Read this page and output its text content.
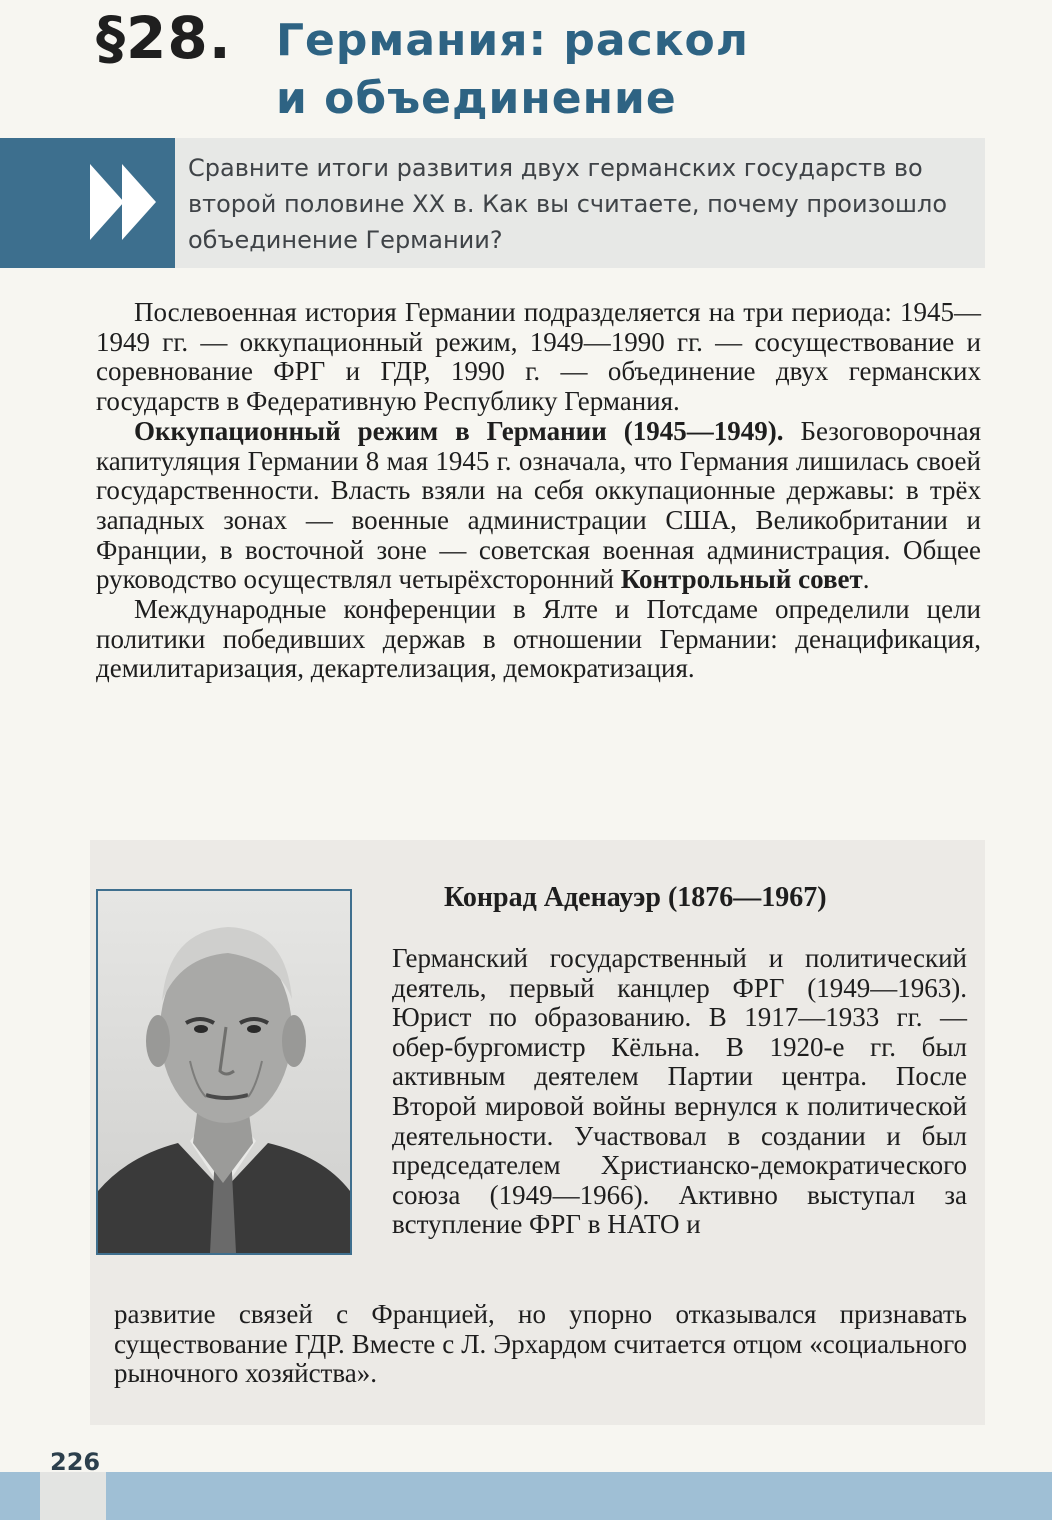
§28. Германия: раскол
и объединение
Сравните итоги развития двух германских государств во второй половине XX в. Как вы считаете, почему произошло объединение Германии?

Послевоенная история Германии подразделяется на три периода: 1945—1949 гг. — оккупационный режим, 1949—1990 гг. — сосуществование и соревнование ФРГ и ГДР, 1990 г. — объединение двух германских государств в Федеративную Республику Германия.

Оккупационный режим в Германии (1945—1949). Безоговорочная капитуляция Германии 8 мая 1945 г. означала, что Германия лишилась своей государственности. Власть взяли на себя оккупационные державы: в трёх западных зонах — военные администрации США, Великобритании и Франции, в восточной зоне — советская военная администрация. Общее руководство осуществлял четырёхсторонний Контрольный совет.

Международные конференции в Ялте и Потсдаме определили цели политики победивших держав в отношении Германии: денацификация, демилитаризация, декартелизация, демократизация.

Конрад Аденауэр (1876—1967)
Германский государственный и политический деятель, первый канцлер ФРГ (1949—1963). Юрист по образованию. В 1917—1933 гг. — обер-бургомистр Кёльна. В 1920-е гг. был активным деятелем Партии центра. После Второй мировой войны вернулся к политической деятельности. Участвовал в создании и был председателем Христианско-демократического союза (1949—1966). Активно выступал за вступление ФРГ в НАТО и
развитие связей с Францией, но упорно отказывался признавать существование ГДР. Вместе с Л. Эрхардом считается отцом «социального рыночного хозяйства».
226
